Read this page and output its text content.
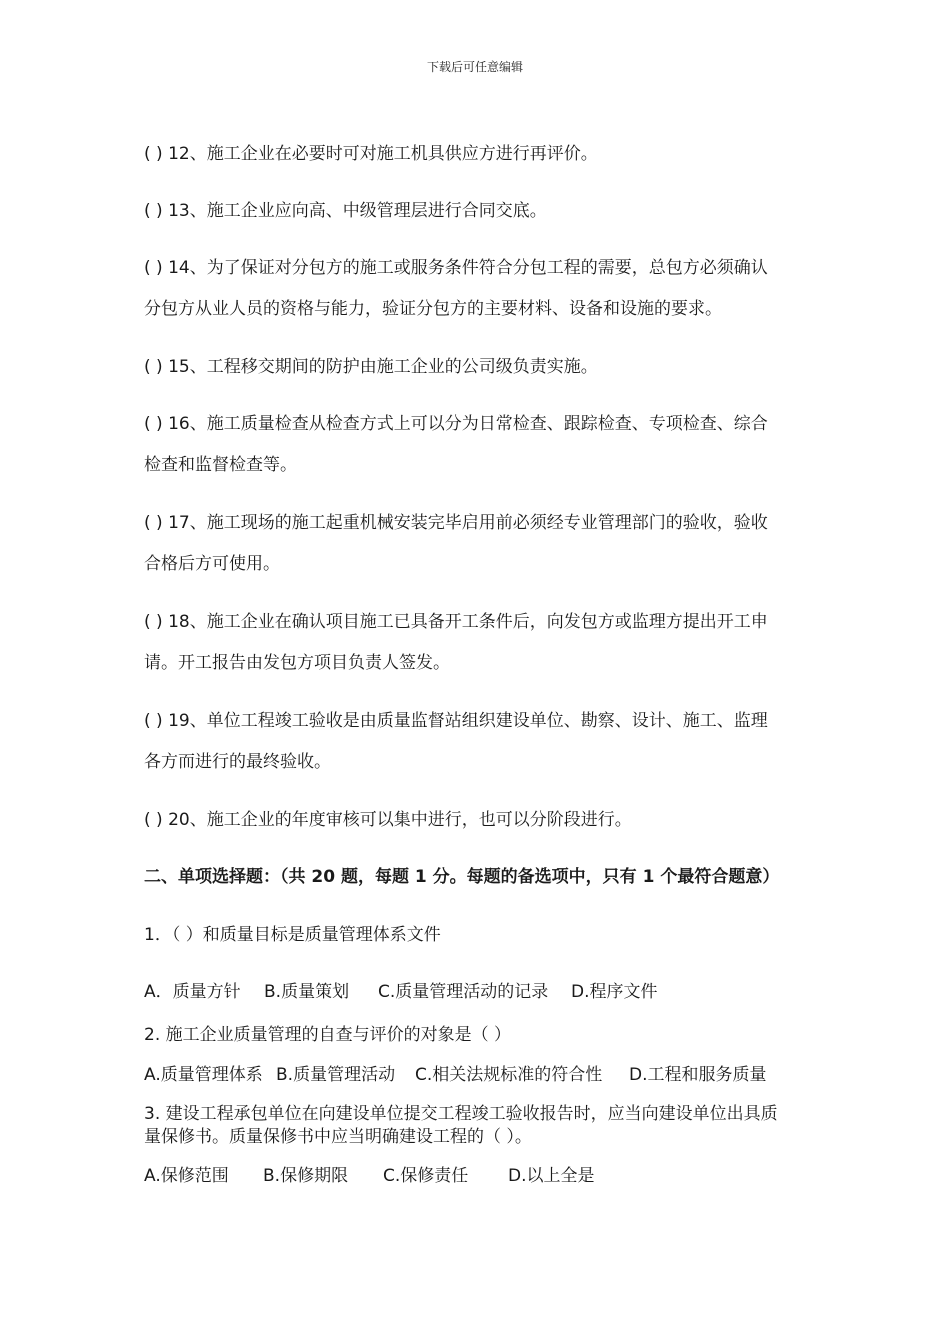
下载后可任意编辑
( ) 12、施工企业在必要时可对施工机具供应方进行再评价。
( ) 13、施工企业应向高、中级管理层进行合同交底。
( ) 14、为了保证对分包方的施工或服务条件符合分包工程的需要，总包方必须确认
分包方从业人员的资格与能力，验证分包方的主要材料、设备和设施的要求。
( ) 15、工程移交期间的防护由施工企业的公司级负责实施。
( ) 16、施工质量检查从检查方式上可以分为日常检查、跟踪检查、专项检查、综合
检查和监督检查等。
( ) 17、施工现场的施工起重机械安装完毕启用前必须经专业管理部门的验收，验收
合格后方可使用。
( ) 18、施工企业在确认项目施工已具备开工条件后，向发包方或监理方提出开工申
请。开工报告由发包方项目负责人签发。
( ) 19、单位工程竣工验收是由质量监督站组织建设单位、勘察、设计、施工、监理
各方而进行的最终验收。
( ) 20、施工企业的年度审核可以集中进行，也可以分阶段进行。
二、单项选择题：（共 20 题，每题 1 分。每题的备选项中，只有 1 个最符合题意）
1．（ ）和质量目标是质量管理体系文件
A．质量方针 B.质量策划 C.质量管理活动的记录 D.程序文件
2. 施工企业质量管理的自查与评价的对象是（ ）
A.质量管理体系 B.质量管理活动 C.相关法规标准的符合性 D.工程和服务质量
3. 建设工程承包单位在向建设单位提交工程竣工验收报告时，应当向建设单位出具质
量保修书。质量保修书中应当明确建设工程的（ ）。
A.保修范围 B.保修期限 C.保修责任 D.以上全是
